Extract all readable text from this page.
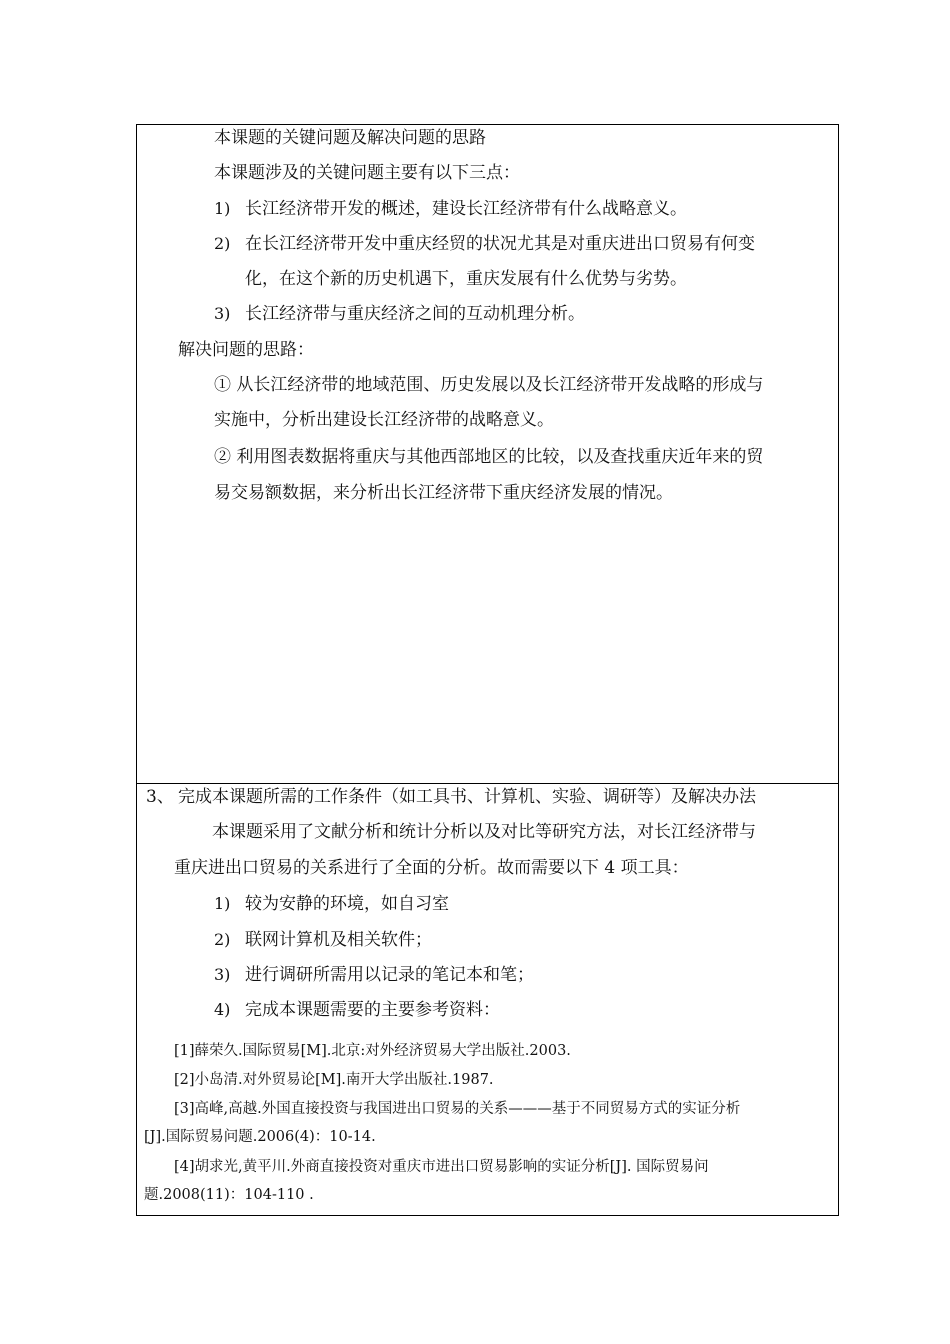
本课题的关键问题及解决问题的思路
本课题涉及的关键问题主要有以下三点：
1) 长江经济带开发的概述，建设长江经济带有什么战略意义。
2) 在长江经济带开发中重庆经贸的状况尤其是对重庆进出口贸易有何变
化，在这个新的历史机遇下，重庆发展有什么优势与劣势。
3) 长江经济带与重庆经济之间的互动机理分析。
解决问题的思路：
① 从长江经济带的地域范围、历史发展以及长江经济带开发战略的形成与
实施中，分析出建设长江经济带的战略意义。
② 利用图表数据将重庆与其他西部地区的比较，以及查找重庆近年来的贸
易交易额数据，来分析出长江经济带下重庆经济发展的情况。
3、 完成本课题所需的工作条件（如工具书、计算机、实验、调研等）及解决办法
本课题采用了文献分析和统计分析以及对比等研究方法，对长江经济带与
重庆进出口贸易的关系进行了全面的分析。故而需要以下 4 项工具：
1) 较为安静的环境，如自习室
2) 联网计算机及相关软件；
3) 进行调研所需用以记录的笔记本和笔；
4) 完成本课题需要的主要参考资料：
[1]薛荣久.国际贸易[M].北京:对外经济贸易大学出版社.2003.
[2]小岛清.对外贸易论[M].南开大学出版社.1987.
[3]高峰,高越.外国直接投资与我国进出口贸易的关系———基于不同贸易方式的实证分析
[J].国际贸易问题.2006(4)：10-14.
[4]胡求光,黄平川.外商直接投资对重庆市进出口贸易影响的实证分析[J]. 国际贸易问
题.2008(11)：104-110 .
